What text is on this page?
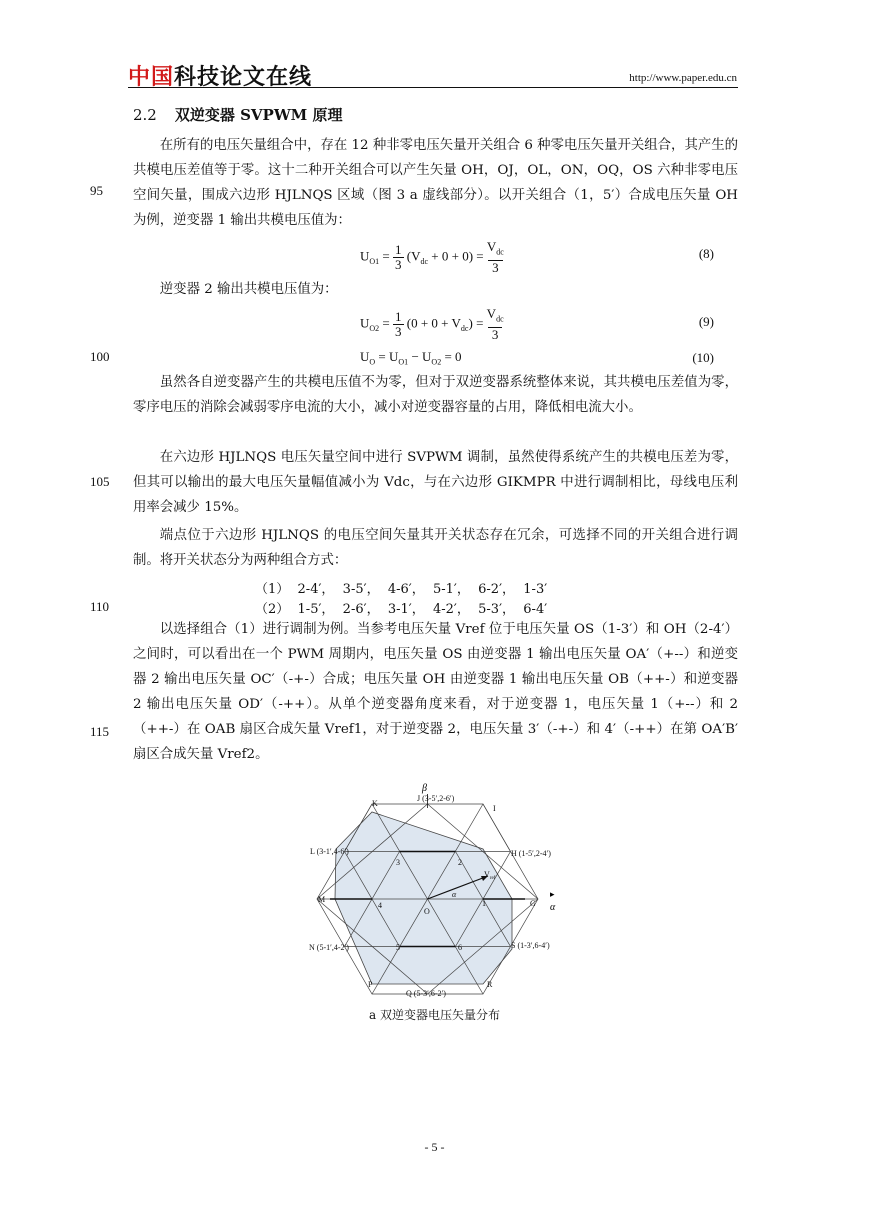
中国科技论文在线	http://www.paper.edu.cn
2.2 双逆变器 SVPWM 原理
95
100
105
110
115
在所有的电压矢量组合中，存在 12 种非零电压矢量开关组合 6 种零电压矢量开关组合，其产生的共模电压差值等于零。这十二种开关组合可以产生矢量 OH，OJ，OL，ON，OQ，OS 六种非零电压空间矢量，围成六边形 HJLNQS 区域（图 3 a 虚线部分）。以开关组合（1，5′）合成电压矢量 OH 为例，逆变器 1 输出共模电压值为：
$U_{O1} = \frac{1}{3} (V_{dc} + 0 + 0) = V_{dc}$
3
(8)
逆变器 2 输出共模电压值为：
$U_{O2} = \frac{1}{3} (0 + 0 + V_{dc}) = V_{dc}$
3
(9)
$U_O = U_{O1} - U_{O2} = 0$	(10)
虽然各自逆变器产生的共模电压值不为零，但对于双逆变器系统整体来说，其共模电压差值为零，零序电压的消除会减弱零序电流的大小，减小对逆变器容量的占用，降低相电流大小。
在六边形 HJLNQS 电压矢量空间中进行 SVPWM 调制，虽然使得系统产生的共模电压差为零，但其可以输出的最大电压矢量幅值减小为 Vdc，与在六边形 GIKMPR 中进行调制相比，母线电压利用率会减少 15%。
端点位于六边形 HJLNQS 的电压空间矢量其开关状态存在冗余，可选择不同的开关组合进行调制。将开关状态分为两种组合方式：
（1）  2-4′，  3-5′，  4-6′，  5-1′，  6-2′，  1-3′
（2）  1-5′，  2-6′，  3-1′，  4-2′，  5-3′，  6-4′
以选择组合（1）进行调制为例。当参考电压矢量 Vref 位于电压矢量 OS（1-3′）和 OH（2-4′）之间时，可以看出在一个 PWM 周期内，电压矢量 OS 由逆变器 1 输出电压矢量 OA′（+--）和逆变器 2 输出电压矢量 OC′（-+-）合成；电压矢量 OH 由逆变器 1 输出电压矢量 OB（++-）和逆变器 2 输出电压矢量 OD′（-++）。从单个逆变器角度来看，对于逆变器 1，电压矢量 1（+--）和 2（++-）在 OAB 扇区合成矢量 Vref1，对于逆变器 2，电压矢量 3′（-+-）和 4′（-++）在第 OA′B′ 扇区合成矢量 Vref2。
β
α
▸
K
J (3-5′,2-6′)
I
L (3-1′,4-6′)	H (1-5′,2-4′)
M	G
N (5-1′,4-2′)	S (1-3′,6-4′)
P
Q (5-3′,6-2′)
R
O
α
$V_{ref}$
1
2
3
4
5	6
a 双逆变器电压矢量分布
- 5 -
